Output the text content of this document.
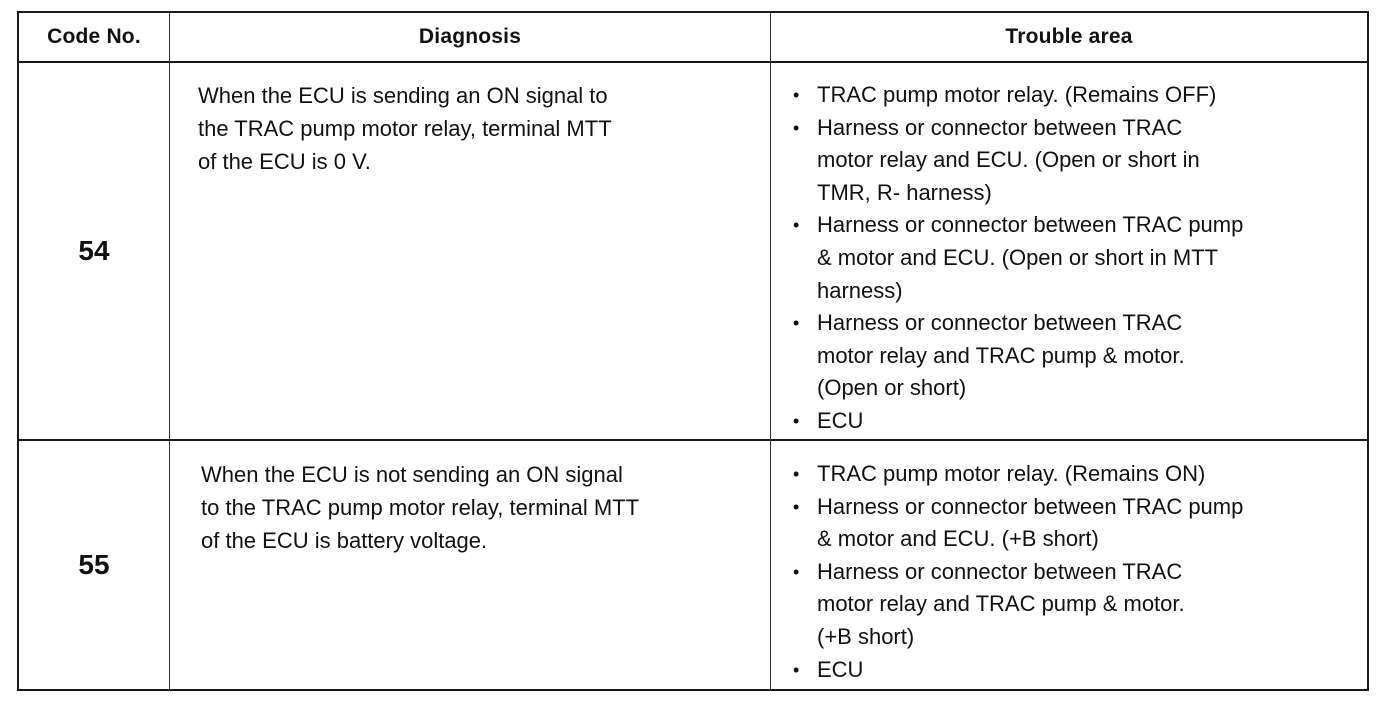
Code No.	Diagnosis	Trouble area
54
When the ECU is sending an ON signal to
the TRAC pump motor relay, terminal MTT
of the ECU is 0 V.
• TRAC pump motor relay. (Remains OFF)
• Harness or connector between TRAC
motor relay and ECU. (Open or short in
TMR, R- harness)
• Harness or connector between TRAC pump
& motor and ECU. (Open or short in MTT
harness)
• Harness or connector between TRAC
motor relay and TRAC pump & motor.
(Open or short)
• ECU
55
When the ECU is not sending an ON signal
to the TRAC pump motor relay, terminal MTT
of the ECU is battery voltage.
• TRAC pump motor relay. (Remains ON)
• Harness or connector between TRAC pump
& motor and ECU. (+B short)
• Harness or connector between TRAC
motor relay and TRAC pump & motor.
(+B short)
• ECU
